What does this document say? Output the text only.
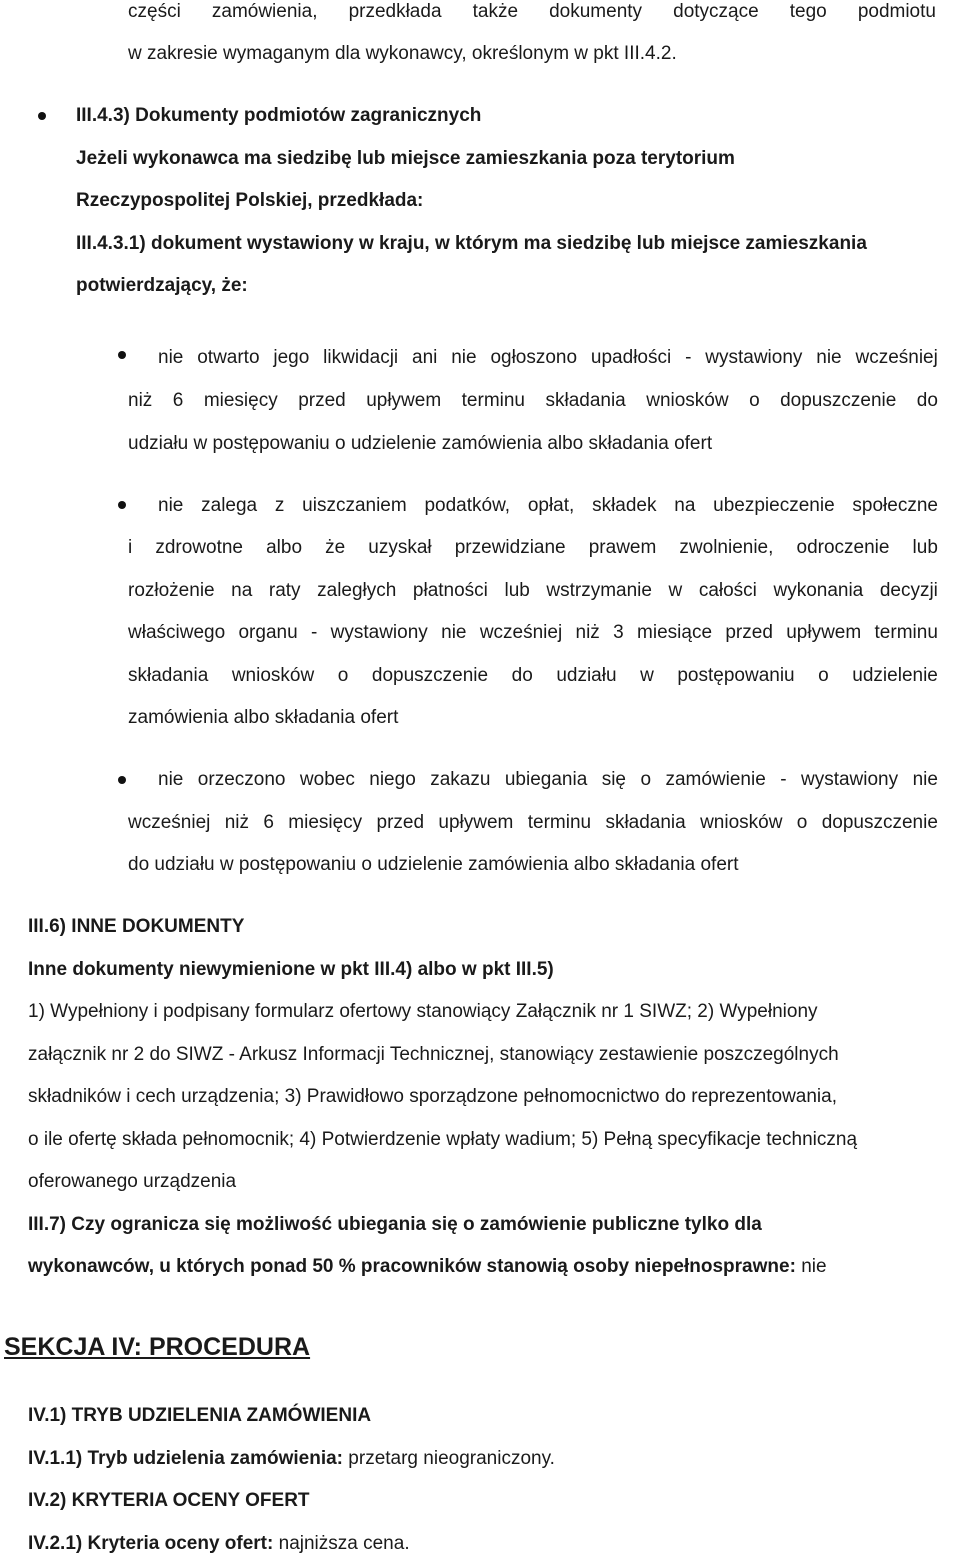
części zamówienia, przedkłada także dokumenty dotyczące tego podmiotu
w zakresie wymaganym dla wykonawcy, określonym w pkt III.4.2.
III.4.3) Dokumenty podmiotów zagranicznych
Jeżeli wykonawca ma siedzibę lub miejsce zamieszkania poza terytorium
Rzeczypospolitej Polskiej, przedkłada:
III.4.3.1) dokument wystawiony w kraju, w którym ma siedzibę lub miejsce zamieszkania
potwierdzający, że:
nie otwarto jego likwidacji ani nie ogłoszono upadłości - wystawiony nie wcześniej
niż 6 miesięcy przed upływem terminu składania wniosków o dopuszczenie do
udziału w postępowaniu o udzielenie zamówienia albo składania ofert
nie zalega z uiszczaniem podatków, opłat, składek na ubezpieczenie społeczne
i zdrowotne albo że uzyskał przewidziane prawem zwolnienie, odroczenie lub
rozłożenie na raty zaległych płatności lub wstrzymanie w całości wykonania decyzji
właściwego organu - wystawiony nie wcześniej niż 3 miesiące przed upływem terminu
składania wniosków o dopuszczenie do udziału w postępowaniu o udzielenie
zamówienia albo składania ofert
nie orzeczono wobec niego zakazu ubiegania się o zamówienie - wystawiony nie
wcześniej niż 6 miesięcy przed upływem terminu składania wniosków o dopuszczenie
do udziału w postępowaniu o udzielenie zamówienia albo składania ofert
III.6) INNE DOKUMENTY
Inne dokumenty niewymienione w pkt III.4) albo w pkt III.5)
1) Wypełniony i podpisany formularz ofertowy stanowiący Załącznik nr 1 SIWZ; 2) Wypełniony
załącznik nr 2 do SIWZ - Arkusz Informacji Technicznej, stanowiący zestawienie poszczególnych
składników i cech urządzenia; 3) Prawidłowo sporządzone pełnomocnictwo do reprezentowania,
o ile ofertę składa pełnomocnik; 4) Potwierdzenie wpłaty wadium; 5) Pełną specyfikacje techniczną
oferowanego urządzenia
III.7) Czy ogranicza się możliwość ubiegania się o zamówienie publiczne tylko dla
wykonawców, u których ponad 50 % pracowników stanowią osoby niepełnosprawne: nie
SEKCJA IV: PROCEDURA
IV.1) TRYB UDZIELENIA ZAMÓWIENIA
IV.1.1) Tryb udzielenia zamówienia: przetarg nieograniczony.
IV.2) KRYTERIA OCENY OFERT
IV.2.1) Kryteria oceny ofert: najniższa cena.
